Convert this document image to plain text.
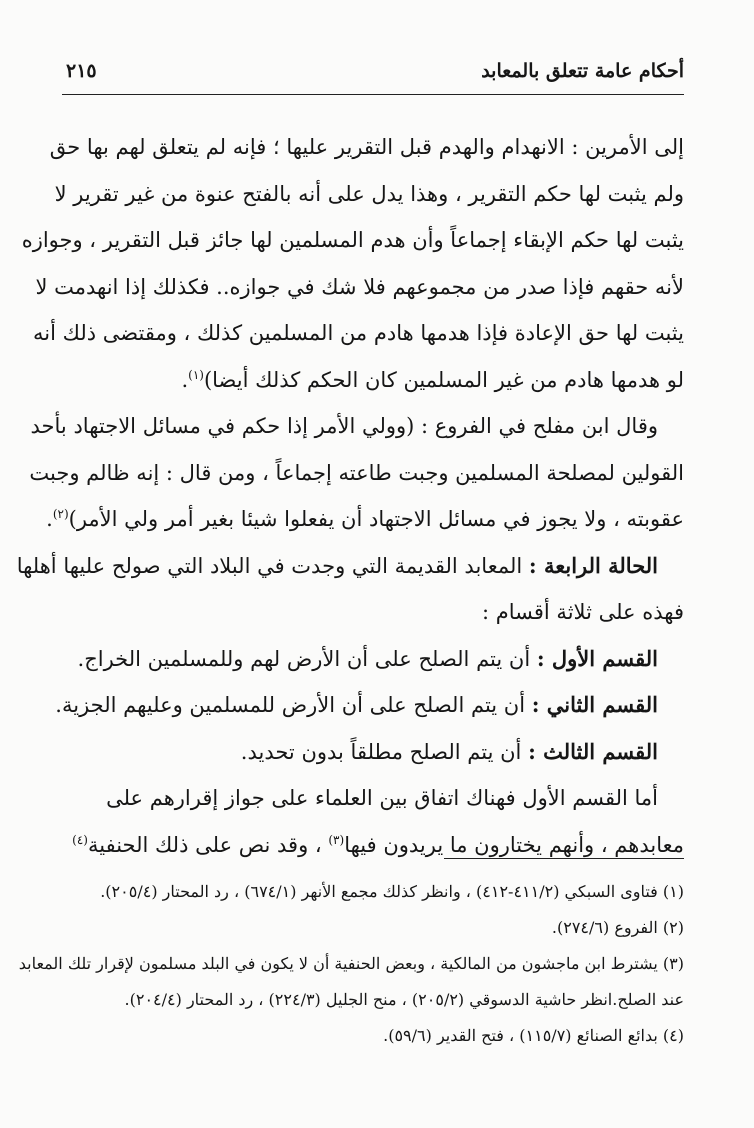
أحكام عامة تتعلق بالمعابد
٢١٥
إلى الأمرين : الانهدام والهدم قبل التقرير عليها ؛ فإنه لم يتعلق لهم بها حق
ولم يثبت لها حكم التقرير ، وهذا يدل على أنه بالفتح عنوة من غير تقرير لا
يثبت لها حكم الإبقاء إجماعاً وأن هدم المسلمين لها جائز قبل التقرير ، وجوازه
لأنه حقهم فإذا صدر من مجموعهم فلا شك في جوازه.. فكذلك إذا انهدمت لا
يثبت لها حق الإعادة فإذا هدمها هادم من المسلمين كذلك ، ومقتضى ذلك أنه
لو هدمها هادم من غير المسلمين كان الحكم كذلك أيضا)$^{(١)}$.
وقال ابن مفلح في الفروع : (وولي الأمر إذا حكم في مسائل الاجتهاد بأحد
القولين لمصلحة المسلمين وجبت طاعته إجماعاً ، ومن قال : إنه ظالم وجبت
عقوبته ، ولا يجوز في مسائل الاجتهاد أن يفعلوا شيئا بغير أمر ولي الأمر)$^{(٢)}$.
الحالة الرابعة : المعابد القديمة التي وجدت في البلاد التي صولح عليها أهلها
فهذه على ثلاثة أقسام :
القسم الأول : أن يتم الصلح على أن الأرض لهم وللمسلمين الخراج.
القسم الثاني : أن يتم الصلح على أن الأرض للمسلمين وعليهم الجزية.
القسم الثالث : أن يتم الصلح مطلقاً بدون تحديد.
أما القسم الأول فهناك اتفاق بين العلماء على جواز إقرارهم على
معابدهم ، وأنهم يختارون ما يريدون فيها$^{(٣)}$ ، وقد نص على ذلك الحنفية$^{(٤)}$
(١) فتاوى السبكي (٤١١/٢-٤١٢) ، وانظر كذلك مجمع الأنهر (٦٧٤/١) ، رد المحتار (٢٠٥/٤).
(٢) الفروع (٢٧٤/٦).
(٣) يشترط ابن ماجشون من المالكية ، وبعض الحنفية أن لا يكون في البلد مسلمون لإقرار تلك المعابد
عند الصلح.انظر حاشية الدسوقي (٢٠٥/٢) ، منح الجليل (٢٢٤/٣) ، رد المحتار (٢٠٤/٤).
(٤) بدائع الصنائع (١١٥/٧) ، فتح القدير (٥٩/٦).
